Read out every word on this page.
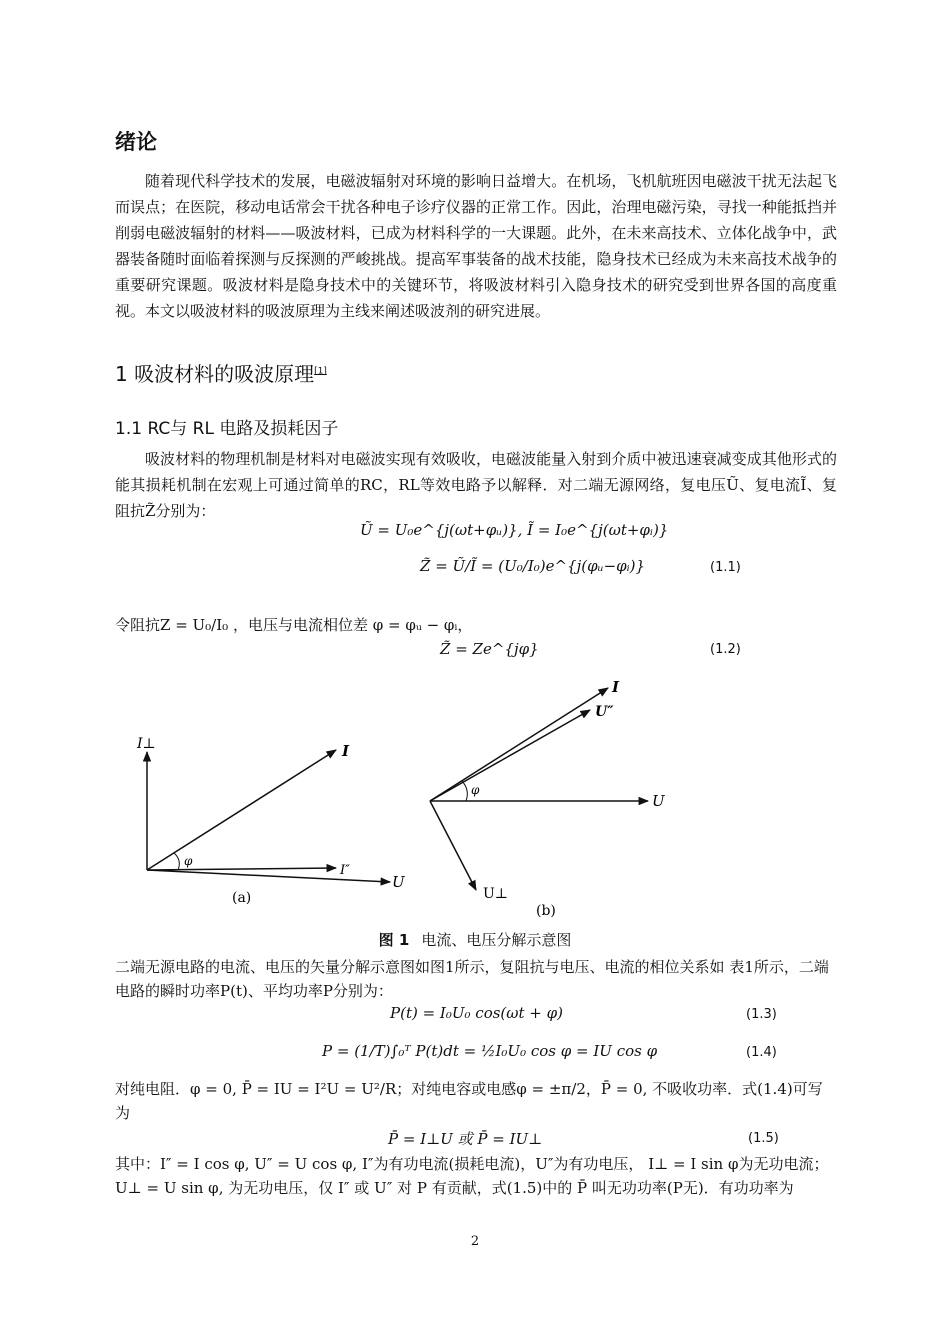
绪论

随着现代科学技术的发展，电磁波辐射对环境的影响日益增大。在机场，飞机航班因电磁波干扰无法起飞而误点；在医院，移动电话常会干扰各种电子诊疗仪器的正常工作。因此，治理电磁污染，寻找一种能抵挡并削弱电磁波辐射的材料——吸波材料，已成为材料科学的一大课题。此外，在未来高技术、立体化战争中，武器装备随时面临着探测与反探测的严峻挑战。提高军事装备的战术技能，隐身技术已经成为未来高技术战争的重要研究课题。吸波材料是隐身技术中的关键环节，将吸波材料引入隐身技术的研究受到世界各国的高度重视。本文以吸波材料的吸波原理为主线来阐述吸波剂的研究进展。

1 吸波材料的吸波原理[1]
1.1 RC与 RL 电路及损耗因子

吸波材料的物理机制是材料对电磁波实现有效吸收，电磁波能量入射到介质中被迅速衰减变成其他形式的能其损耗机制在宏观上可通过简单的RC，RL等效电路予以解释．对二端无源网络，复电压Ũ、复电流Ĩ、复阻抗Z̃分别为：

Ũ = U₀e^{j(ωt+φᵤ)}, Ĩ = I₀e^{j(ωt+φᵢ)}
Z̃ = Ũ/Ĩ = (U₀/I₀)e^{j(φᵤ−φᵢ)}	(1.1)
令阻抗Z = U₀/I₀ ，电压与电流相位差 φ = φᵤ − φᵢ，
Z̃ = Ze^{jφ}	(1.2)
I⊥	I
φ
I″
U
(a)
I
U″
φ
U
U⊥
(b)
图 1 电流、电压分解示意图
二端无源电路的电流、电压的矢量分解示意图如图1所示，复阻抗与电压、电流的相位关系如 表1所示，二端电路的瞬时功率P(t)、平均功率P分别为：
P(t) = I₀U₀ cos(ωt + φ)	(1.3)
P = (1/T)∫₀ᵀ P(t)dt = ½I₀U₀ cos φ = IU cos φ	(1.4)
对纯电阻．φ = 0, P̄ = IU = I²U = U²/R；对纯电容或电感φ = ±π/2，P̄ = 0, 不吸收功率．式(1.4)可写为
P̄ = I⊥U 或 P̄ = IU⊥	(1.5)
其中：I″ = I cos φ, U″ = U cos φ, I″为有功电流(损耗电流)，U″为有功电压， I⊥ = I sin φ为无功电流；U⊥ = U sin φ, 为无功电压，仅 I″ 或 U″ 对 P 有贡献，式(1.5)中的 P̄ 叫无功功率(P无)．有功功率为
2
